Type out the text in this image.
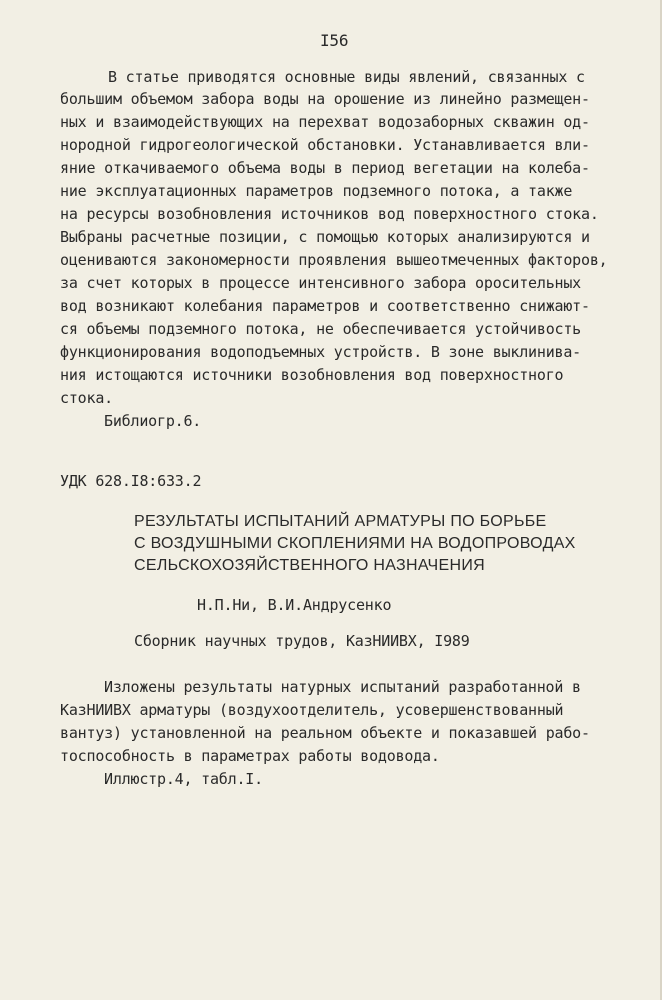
I56
В статье приводятся основные виды явлений, связанных с
большим объемом забора воды на орошение из линейно размещен-
ных и взаимодействующих на перехват водозаборных скважин од-
нородной гидрогеологической обстановки. Устанавливается вли-
яние откачиваемого объема воды в период вегетации на колеба-
ние эксплуатационных параметров подземного потока, а также
на ресурсы возобновления источников вод поверхностного стока.
Выбраны расчетные позиции, с помощью которых анализируются и
оцениваются закономерности проявления вышеотмеченных факторов,
за счет которых в процессе интенсивного забора оросительных
вод возникают колебания параметров и соответственно снижают-
ся объемы подземного потока, не обеспечивается устойчивость
функционирования водоподъемных устройств. В зоне выклинива-
ния истощаются источники возобновления вод поверхностного
стока.
Библиогр.6.
УДК 628.I8:633.2
РЕЗУЛЬТАТЫ ИСПЫТАНИЙ АРМАТУРЫ ПО БОРЬБЕ
С ВОЗДУШНЫМИ СКОПЛЕНИЯМИ НА ВОДОПРОВОДАХ
СЕЛЬСКОХОЗЯЙСТВЕННОГО НАЗНАЧЕНИЯ
Н.П.Ни, В.И.Андрусенко
Сборник научных трудов, КазНИИВХ, I989
Изложены результаты натурных испытаний разработанной в
КазНИИВХ арматуры (воздухоотделитель, усовершенствованный
вантуз) установленной на реальном объекте и показавшей рабо-
тоспособность в параметрах работы водовода.
Иллюстр.4, табл.I.
